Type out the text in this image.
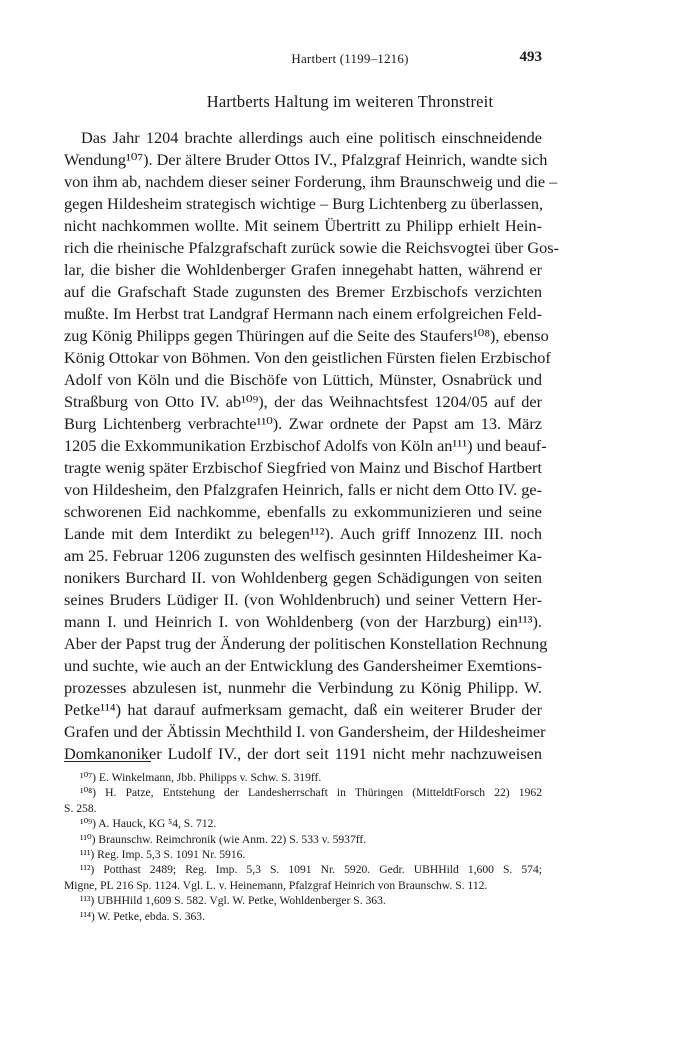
Hartbert (1199–1216)	493
Hartberts Haltung im weiteren Thronstreit
Das Jahr 1204 brachte allerdings auch eine politisch einschneidende
Wendung¹⁰⁷). Der ältere Bruder Ottos IV., Pfalzgraf Heinrich, wandte sich
von ihm ab, nachdem dieser seiner Forderung, ihm Braunschweig und die –
gegen Hildesheim strategisch wichtige – Burg Lichtenberg zu überlassen,
nicht nachkommen wollte. Mit seinem Übertritt zu Philipp erhielt Hein-
rich die rheinische Pfalzgrafschaft zurück sowie die Reichsvogtei über Gos-
lar, die bisher die Wohldenberger Grafen innegehabt hatten, während er
auf die Grafschaft Stade zugunsten des Bremer Erzbischofs verzichten
mußte. Im Herbst trat Landgraf Hermann nach einem erfolgreichen Feld-
zug König Philipps gegen Thüringen auf die Seite des Staufers¹⁰⁸), ebenso
König Ottokar von Böhmen. Von den geistlichen Fürsten fielen Erzbischof
Adolf von Köln und die Bischöfe von Lüttich, Münster, Osnabrück und
Straßburg von Otto IV. ab¹⁰⁹), der das Weihnachtsfest 1204/05 auf der
Burg Lichtenberg verbrachte¹¹⁰). Zwar ordnete der Papst am 13. März
1205 die Exkommunikation Erzbischof Adolfs von Köln an¹¹¹) und beauf-
tragte wenig später Erzbischof Siegfried von Mainz und Bischof Hartbert
von Hildesheim, den Pfalzgrafen Heinrich, falls er nicht dem Otto IV. ge-
schworenen Eid nachkomme, ebenfalls zu exkommunizieren und seine
Lande mit dem Interdikt zu belegen¹¹²). Auch griff Innozenz III. noch
am 25. Februar 1206 zugunsten des welfisch gesinnten Hildesheimer Ka-
nonikers Burchard II. von Wohldenberg gegen Schädigungen von seiten
seines Bruders Lüdiger II. (von Wohldenbruch) und seiner Vettern Her-
mann I. und Heinrich I. von Wohldenberg (von der Harzburg) ein¹¹³).
Aber der Papst trug der Änderung der politischen Konstellation Rechnung
und suchte, wie auch an der Entwicklung des Gandersheimer Exemtions-
prozesses abzulesen ist, nunmehr die Verbindung zu König Philipp. W.
Petke¹¹⁴) hat darauf aufmerksam gemacht, daß ein weiterer Bruder der
Grafen und der Äbtissin Mechthild I. von Gandersheim, der Hildesheimer
Domkanoniker Ludolf IV., der dort seit 1191 nicht mehr nachzuweisen
¹⁰⁷) E. Winkelmann, Jbb. Philipps v. Schw. S. 319ff.
¹⁰⁸) H. Patze, Entstehung der Landesherrschaft in Thüringen (MitteldtForsch 22) 1962
S. 258.
¹⁰⁹) A. Hauck, KG ⁵4, S. 712.
¹¹⁰) Braunschw. Reimchronik (wie Anm. 22) S. 533 v. 5937ff.
¹¹¹) Reg. Imp. 5,3 S. 1091 Nr. 5916.
¹¹²) Potthast 2489; Reg. Imp. 5,3 S. 1091 Nr. 5920. Gedr. UBHHild 1,600 S. 574;
Migne, PL 216 Sp. 1124. Vgl. L. v. Heinemann, Pfalzgraf Heinrich von Braunschw. S. 112.
¹¹³) UBHHild 1,609 S. 582. Vgl. W. Petke, Wohldenberger S. 363.
¹¹⁴) W. Petke, ebda. S. 363.
